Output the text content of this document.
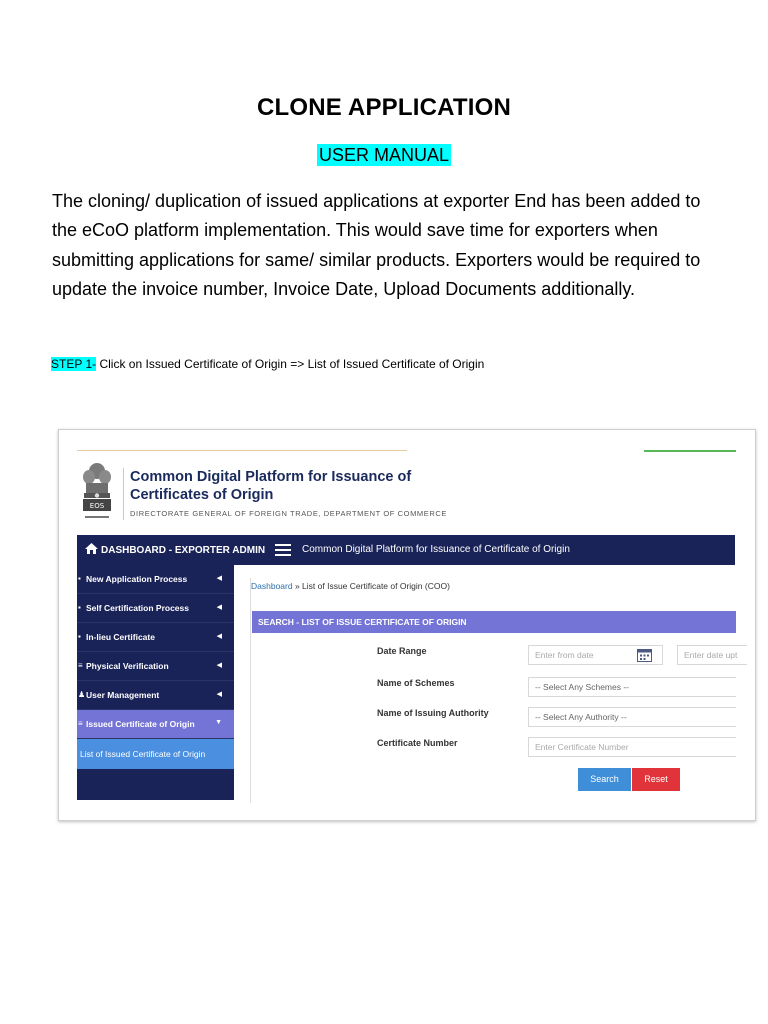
CLONE APPLICATION
USER MANUAL

The cloning/ duplication of issued applications at exporter End has been added to the eCoO platform implementation. This would save time for exporters when submitting applications for same/ similar products. Exporters would be required to update the invoice number, Invoice Date, Upload Documents additionally.

STEP 1- Click on Issued Certificate of Origin => List of Issued Certificate of Origin
EOS
Common Digital Platform for Issuance of
Certificates of Origin
DIRECTORATE GENERAL OF FOREIGN TRADE, DEPARTMENT OF COMMERCE
DASHBOARD - EXPORTER ADMIN	Common Digital Platform for Issuance of Certificate of Origin
▪ New Application Process	◀
▪ Self Certification Process	◀
▪ In-lieu Certificate	◀
≡ Physical Verification	◀
♟ User Management	◀
≡ Issued Certificate of Origin	▼
List of Issued Certificate of Origin
Dashboard » List of Issue Certificate of Origin (COO)
SEARCH - LIST OF ISSUE CERTIFICATE OF ORIGIN
Date Range	Enter from date	Enter date upt
Name of Schemes	-- Select Any Schemes --
Name of Issuing Authority	-- Select Any Authority --
Certificate Number	Enter Certificate Number
Search	Reset
